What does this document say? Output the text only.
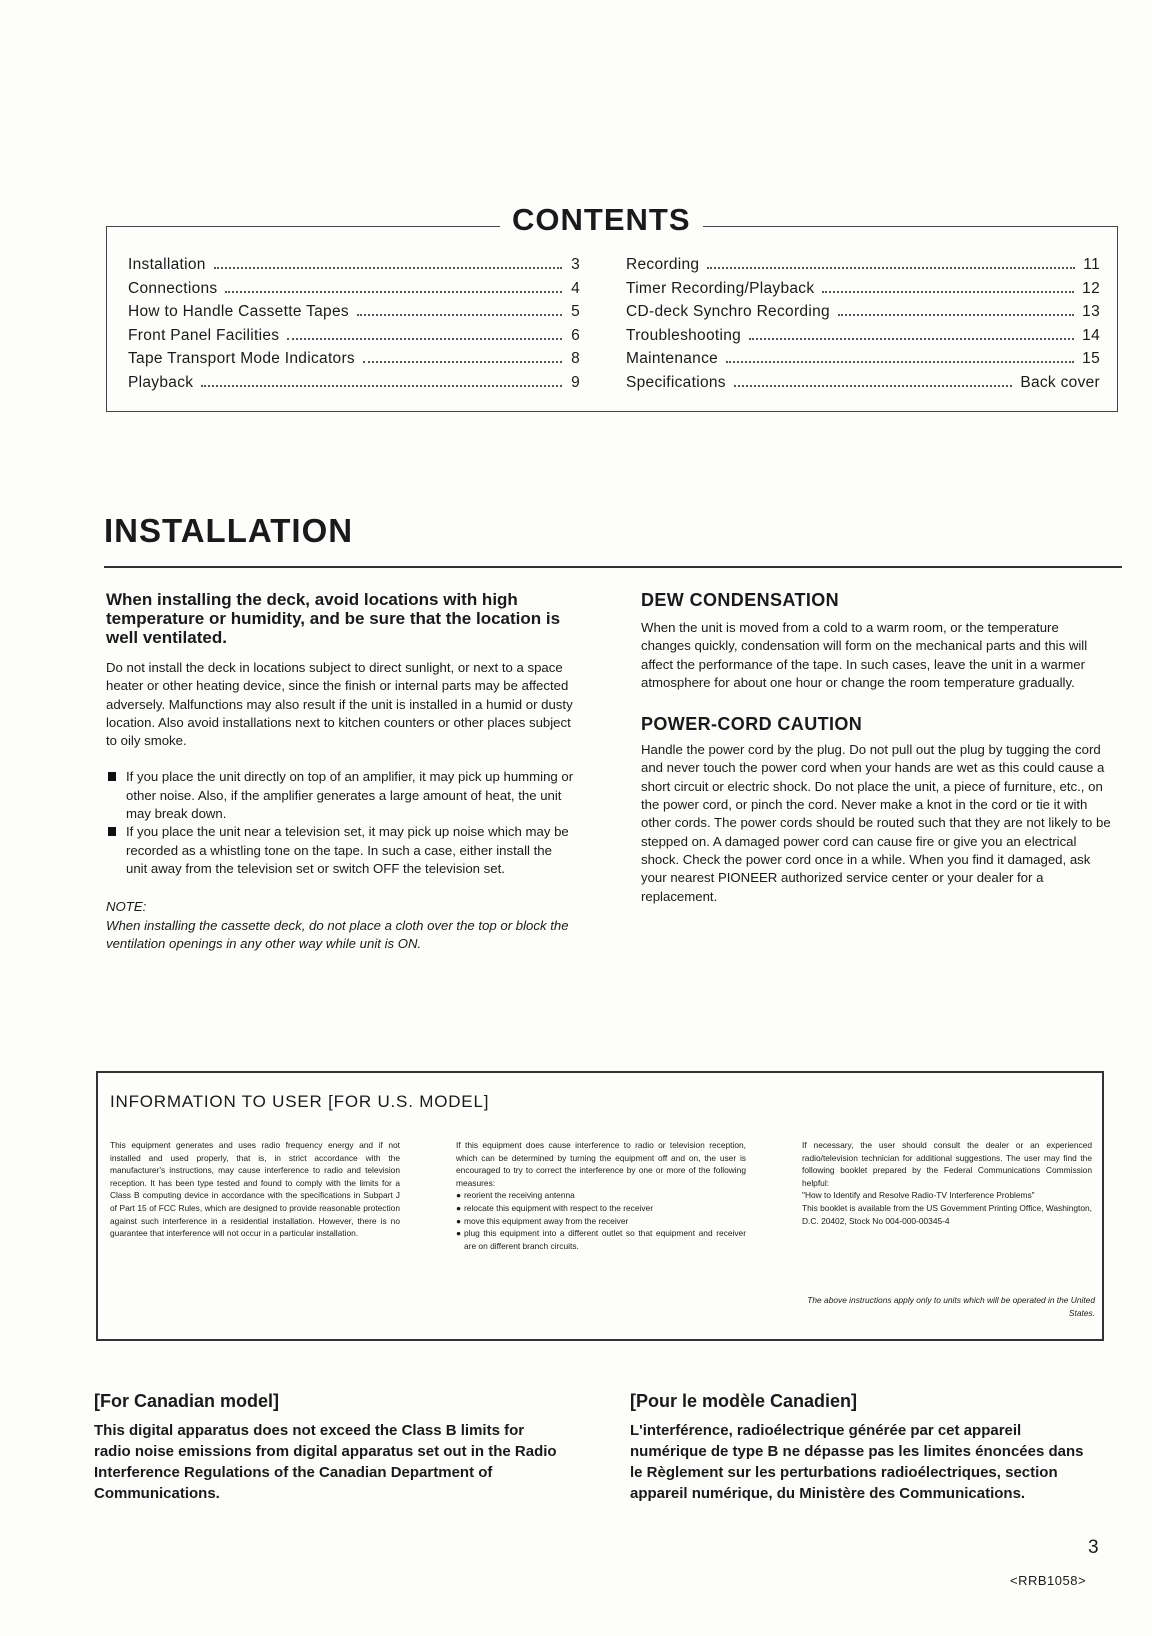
CONTENTS
Installation	3
Connections	4
How to Handle Cassette Tapes	5
Front Panel Facilities	6
Tape Transport Mode Indicators	8
Playback	9
Recording	11
Timer Recording/Playback	12
CD-deck Synchro Recording	13
Troubleshooting	14
Maintenance	15
Specifications	Back cover
INSTALLATION
When installing the deck, avoid locations with high temperature or humidity, and be sure that the location is well ventilated.
Do not install the deck in locations subject to direct sunlight, or next to a space heater or other heating device, since the finish or internal parts may be affected adversely. Malfunctions may also result if the unit is installed in a humid or dusty location. Also avoid installations next to kitchen counters or other places subject to oily smoke.
If you place the unit directly on top of an amplifier, it may pick up humming or other noise. Also, if the amplifier generates a large amount of heat, the unit may break down.
If you place the unit near a television set, it may pick up noise which may be recorded as a whistling tone on the tape. In such a case, either install the unit away from the television set or switch OFF the television set.
NOTE:
When installing the cassette deck, do not place a cloth over the top or block the ventilation openings in any other way while unit is ON.
DEW CONDENSATION
When the unit is moved from a cold to a warm room, or the temperature changes quickly, condensation will form on the mechanical parts and this will affect the performance of the tape. In such cases, leave the unit in a warmer atmosphere for about one hour or change the room temperature gradually.
POWER-CORD CAUTION
Handle the power cord by the plug. Do not pull out the plug by tugging the cord and never touch the power cord when your hands are wet as this could cause a short circuit or electric shock. Do not place the unit, a piece of furniture, etc., on the power cord, or pinch the cord. Never make a knot in the cord or tie it with other cords. The power cords should be routed such that they are not likely to be stepped on. A damaged power cord can cause fire or give you an electrical shock. Check the power cord once in a while. When you find it damaged, ask your nearest PIONEER authorized service center or your dealer for a replacement.
INFORMATION TO USER [FOR U.S. MODEL]
This equipment generates and uses radio frequency energy and if not installed and used properly, that is, in strict accordance with the manufacturer's instructions, may cause interference to radio and television reception. It has been type tested and found to comply with the limits for a Class B computing device in accordance with the specifications in Subpart J of Part 15 of FCC Rules, which are designed to provide reasonable protection against such interference in a residential installation. However, there is no guarantee that interference will not occur in a particular installation.
If this equipment does cause interference to radio or television reception, which can be determined by turning the equipment off and on, the user is encouraged to try to correct the interference by one or more of the following measures:
● reorient the receiving antenna
● relocate this equipment with respect to the receiver
● move this equipment away from the receiver
● plug this equipment into a different outlet so that equipment and receiver are on different branch circuits.
If necessary, the user should consult the dealer or an experienced radio/television technician for additional suggestions. The user may find the following booklet prepared by the Federal Communications Commission helpful:
"How to Identify and Resolve Radio-TV Interference Problems"
This booklet is available from the US Government Printing Office, Washington, D.C. 20402, Stock No 004-000-00345-4
The above instructions apply only to units which will be operated in the United States.
[For Canadian model]
This digital apparatus does not exceed the Class B limits for radio noise emissions from digital apparatus set out in the Radio Interference Regulations of the Canadian Department of Communications.
[Pour le modèle Canadien]
L'interférence, radioélectrique générée par cet appareil numérique de type B ne dépasse pas les limites énoncées dans le Règlement sur les perturbations radioélectriques, section appareil numérique, du Ministère des Communications.
3
<RRB1058>
